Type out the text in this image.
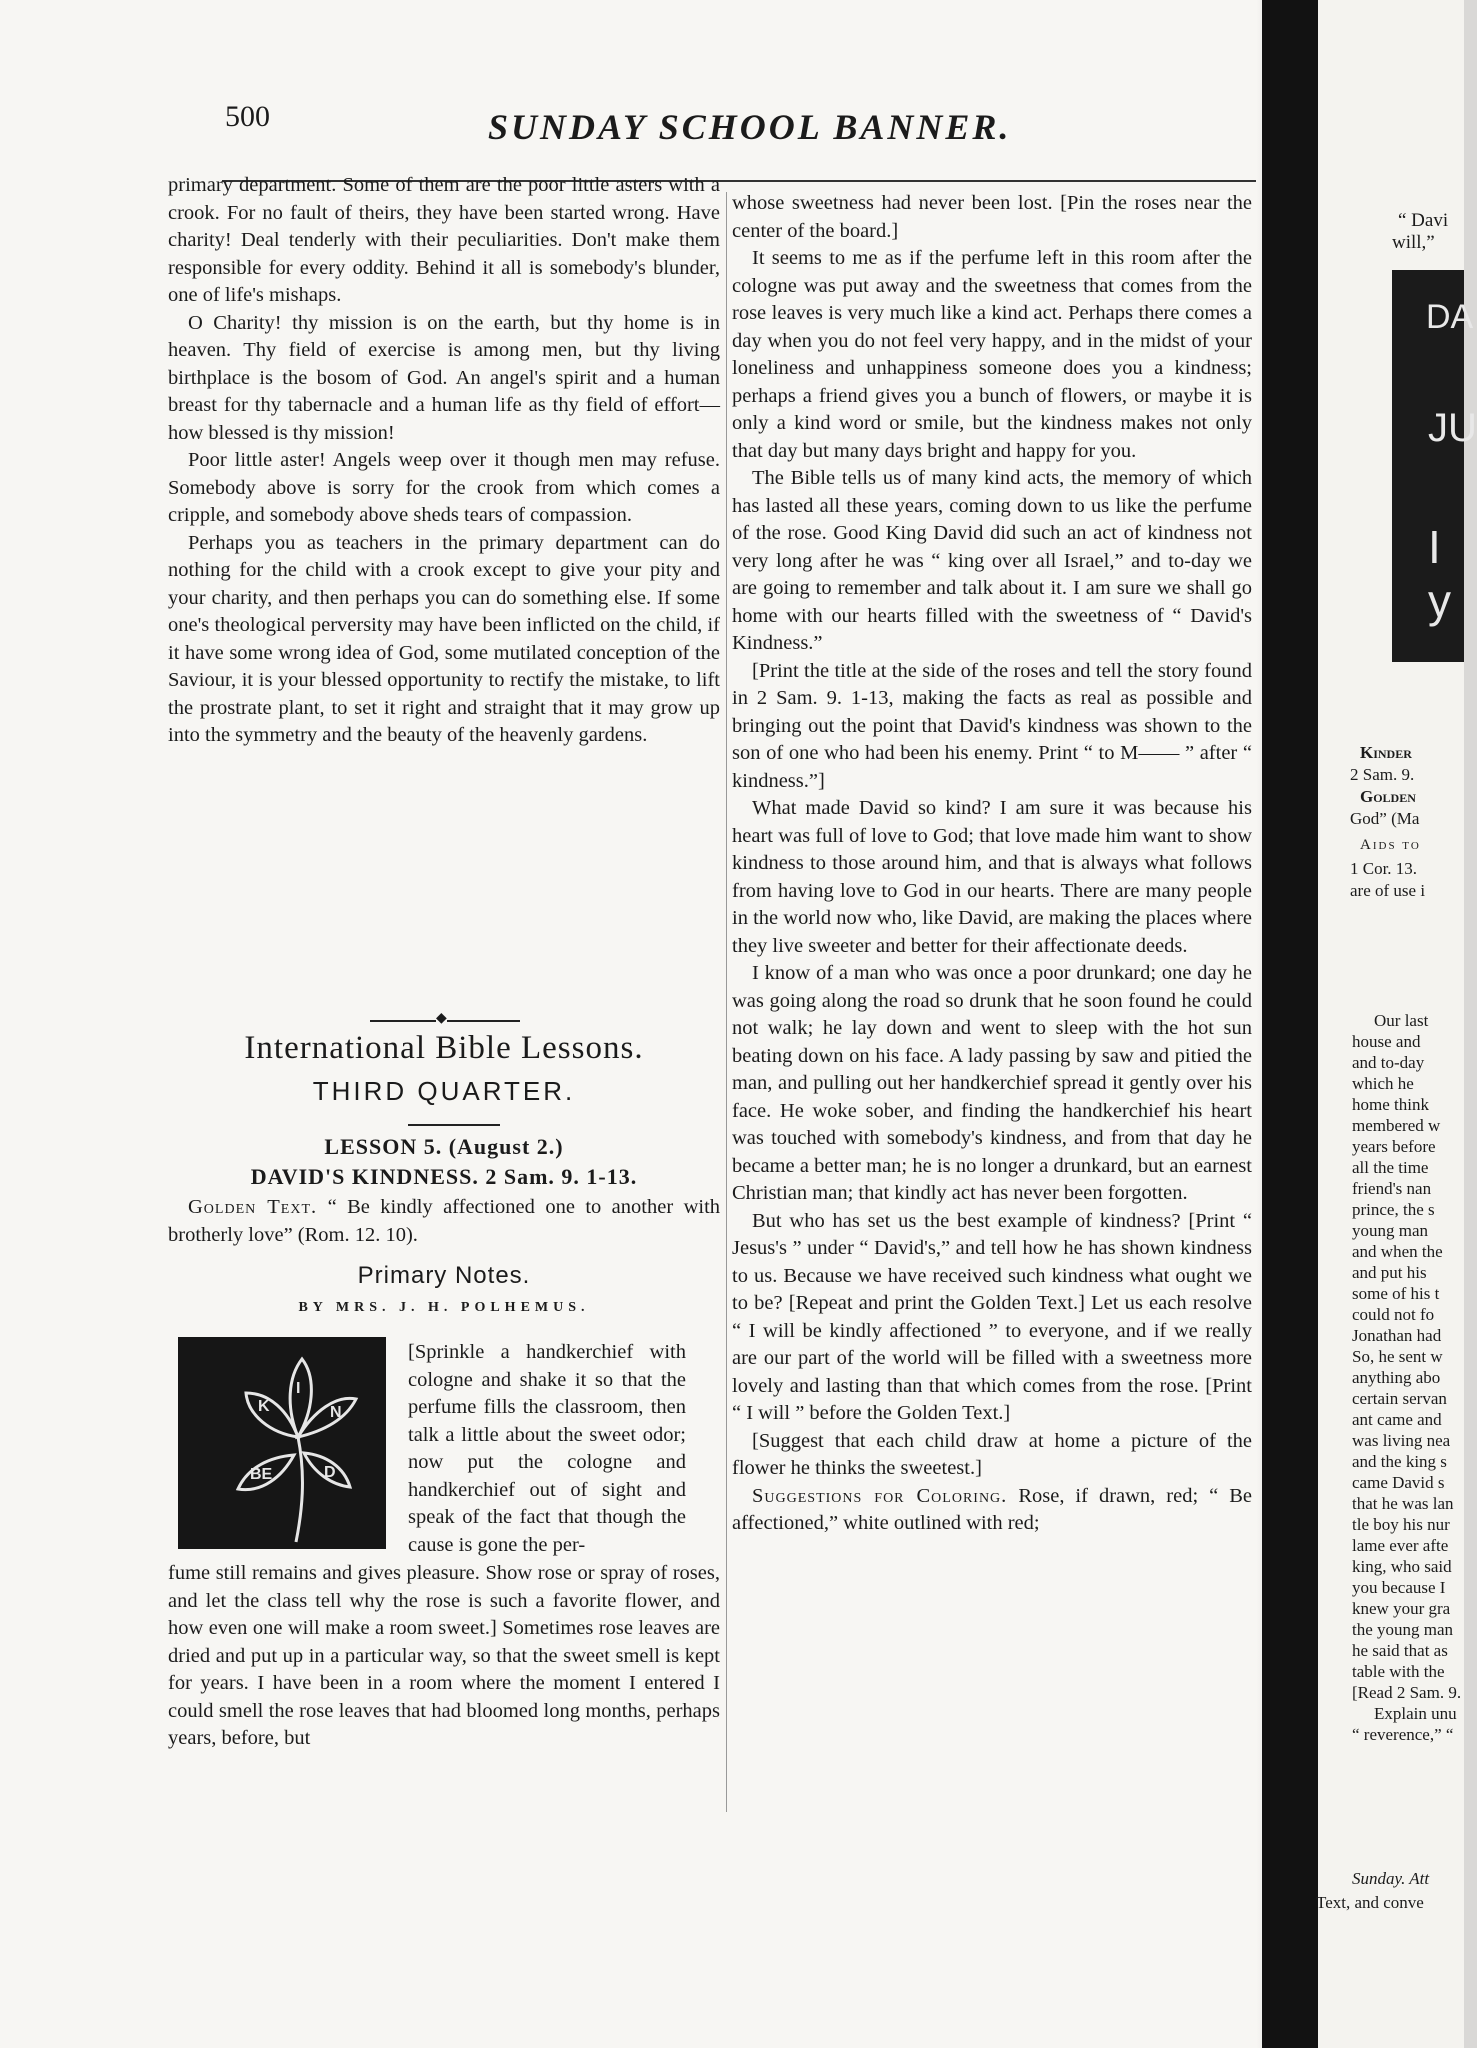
500	SUNDAY SCHOOL BANNER.

primary department. Some of them are the poor little asters with a crook. For no fault of theirs, they have been started wrong. Have charity! Deal tenderly with their peculiarities. Don't make them responsible for every oddity. Behind it all is somebody's blunder, one of life's mishaps.

O Charity! thy mission is on the earth, but thy home is in heaven. Thy field of exercise is among men, but thy living birthplace is the bosom of God. An angel's spirit and a human breast for thy tabernacle and a human life as thy field of effort—how blessed is thy mission!

Poor little aster! Angels weep over it though men may refuse. Somebody above is sorry for the crook from which comes a cripple, and somebody above sheds tears of compassion.

Perhaps you as teachers in the primary department can do nothing for the child with a crook except to give your pity and your charity, and then perhaps you can do something else. If some one's theological perversity may have been inflicted on the child, if it have some wrong idea of God, some mutilated conception of the Saviour, it is your blessed opportunity to rectify the mistake, to lift the prostrate plant, to set it right and straight that it may grow up into the symmetry and the beauty of the heavenly gardens.

◆
International Bible Lessons.
THIRD QUARTER.
LESSON 5. (August 2.)
DAVID'S KINDNESS. 2 Sam. 9. 1-13.
Golden Text. “ Be kindly affectioned one to another with brotherly love” (Rom. 12. 10).
Primary Notes.
BY MRS. J. H. POLHEMUS.
K
I
N
BE	D
[Sprinkle a handkerchief with cologne and shake it so that the perfume fills the classroom, then talk a little about the sweet odor; now put the cologne and handkerchief out of sight and speak of the fact that though the cause is gone the per-
fume still remains and gives pleasure. Show rose or spray of roses, and let the class tell why the rose is such a favorite flower, and how even one will make a room sweet.] Sometimes rose leaves are dried and put up in a particular way, so that the sweet smell is kept for years. I have been in a room where the moment I entered I could smell the rose leaves that had bloomed long months, perhaps years, before, but

whose sweetness had never been lost. [Pin the roses near the center of the board.]

It seems to me as if the perfume left in this room after the cologne was put away and the sweetness that comes from the rose leaves is very much like a kind act. Perhaps there comes a day when you do not feel very happy, and in the midst of your loneliness and unhappiness someone does you a kindness; perhaps a friend gives you a bunch of flowers, or maybe it is only a kind word or smile, but the kindness makes not only that day but many days bright and happy for you.

The Bible tells us of many kind acts, the memory of which has lasted all these years, coming down to us like the perfume of the rose. Good King David did such an act of kindness not very long after he was “ king over all Israel,” and to-day we are going to remember and talk about it. I am sure we shall go home with our hearts filled with the sweetness of “ David's Kindness.”

[Print the title at the side of the roses and tell the story found in 2 Sam. 9. 1-13, making the facts as real as possible and bringing out the point that David's kindness was shown to the son of one who had been his enemy. Print “ to M—— ” after “ kindness.”]

What made David so kind? I am sure it was because his heart was full of love to God; that love made him want to show kindness to those around him, and that is always what follows from having love to God in our hearts. There are many people in the world now who, like David, are making the places where they live sweeter and better for their affectionate deeds.

I know of a man who was once a poor drunkard; one day he was going along the road so drunk that he soon found he could not walk; he lay down and went to sleep with the hot sun beating down on his face. A lady passing by saw and pitied the man, and pulling out her handkerchief spread it gently over his face. He woke sober, and finding the handkerchief his heart was touched with somebody's kindness, and from that day he became a better man; he is no longer a drunkard, but an earnest Christian man; that kindly act has never been forgotten.

But who has set us the best example of kindness? [Print “ Jesus's ” under “ David's,” and tell how he has shown kindness to us. Because we have received such kindness what ought we to be? [Repeat and print the Golden Text.] Let us each resolve “ I will be kindly affectioned ” to everyone, and if we really are our part of the world will be filled with a sweetness more lovely and lasting than that which comes from the rose. [Print “ I will ” before the Golden Text.]

[Suggest that each child draw at home a picture of the flower he thinks the sweetest.]

Suggestions for Coloring. Rose, if drawn, red; “ Be affectioned,” white outlined with red;

“ Davi
will,”
DA
JU
I y
Kinder
2 Sam. 9.
Golden
God” (Ma
Aids to
1 Cor. 13.
are of use i
Our last
house and
and to-day
which he
home think
membered w
years before
all the time
friend's nan
prince, the s
young man
and when the
and put his
some of his t
could not fo
Jonathan had
So, he sent w
anything abo
certain servan
ant came and
was living nea
and the king s
came David s
that he was lan
tle boy his nur
lame ever afte
king, who said
you because I
knew your gra
the young man
he said that as
table with the
[Read 2 Sam. 9.
Explain unu
“ reverence,” “
Sunday. Att
Text, and conve
